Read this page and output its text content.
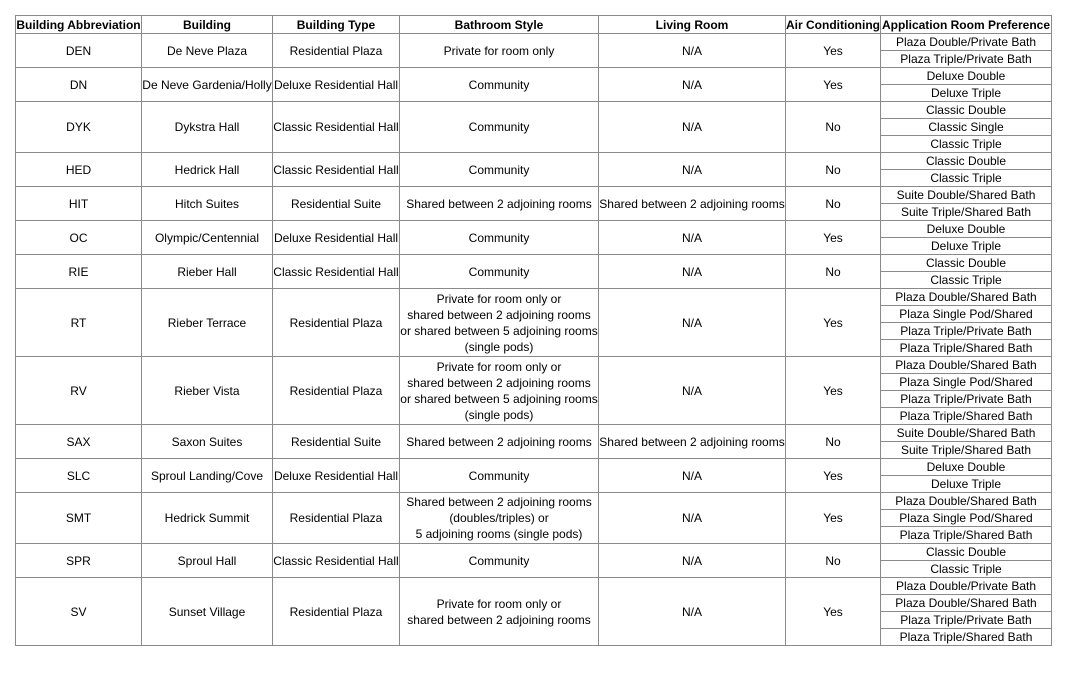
Building Abbreviation	Building	Building Type	Bathroom Style	Living Room	Air Conditioning	Application Room Preference
DEN	De Neve Plaza	Residential Plaza	Private for room only	N/A	Yes	Plaza Double/Private Bath
						Plaza Triple/Private Bath
DN	De Neve Gardenia/Holly	Deluxe Residential Hall	Community	N/A	Yes	Deluxe Double
						Deluxe Triple
DYK	Dykstra Hall	Classic Residential Hall	Community	N/A	No	Classic Double
						Classic Single
						Classic Triple
HED	Hedrick Hall	Classic Residential Hall	Community	N/A	No	Classic Double
						Classic Triple
HIT	Hitch Suites	Residential Suite	Shared between 2 adjoining rooms	Shared between 2 adjoining rooms	No	Suite Double/Shared Bath
						Suite Triple/Shared Bath
OC	Olympic/Centennial	Deluxe Residential Hall	Community	N/A	Yes	Deluxe Double
						Deluxe Triple
RIE	Rieber Hall	Classic Residential Hall	Community	N/A	No	Classic Double
						Classic Triple
RT	Rieber Terrace	Residential Plaza	Private for room only or
shared between 2 adjoining rooms
or shared between 5 adjoining rooms
(single pods)	N/A	Yes	Plaza Double/Shared Bath
						Plaza Single Pod/Shared
						Plaza Triple/Private Bath
						Plaza Triple/Shared Bath
RV	Rieber Vista	Residential Plaza	Private for room only or
shared between 2 adjoining rooms
or shared between 5 adjoining rooms
(single pods)	N/A	Yes	Plaza Double/Shared Bath
						Plaza Single Pod/Shared
						Plaza Triple/Private Bath
						Plaza Triple/Shared Bath
SAX	Saxon Suites	Residential Suite	Shared between 2 adjoining rooms	Shared between 2 adjoining rooms	No	Suite Double/Shared Bath
						Suite Triple/Shared Bath
SLC	Sproul Landing/Cove	Deluxe Residential Hall	Community	N/A	Yes	Deluxe Double
						Deluxe Triple
SMT	Hedrick Summit	Residential Plaza	Shared between 2 adjoining rooms
(doubles/triples) or
5 adjoining rooms (single pods)	N/A	Yes	Plaza Double/Shared Bath
						Plaza Single Pod/Shared
						Plaza Triple/Shared Bath
SPR	Sproul Hall	Classic Residential Hall	Community	N/A	No	Classic Double
						Classic Triple
SV	Sunset Village	Residential Plaza	Private for room only or
shared between 2 adjoining rooms	N/A	Yes	Plaza Double/Private Bath
						Plaza Double/Shared Bath
						Plaza Triple/Private Bath
						Plaza Triple/Shared Bath
